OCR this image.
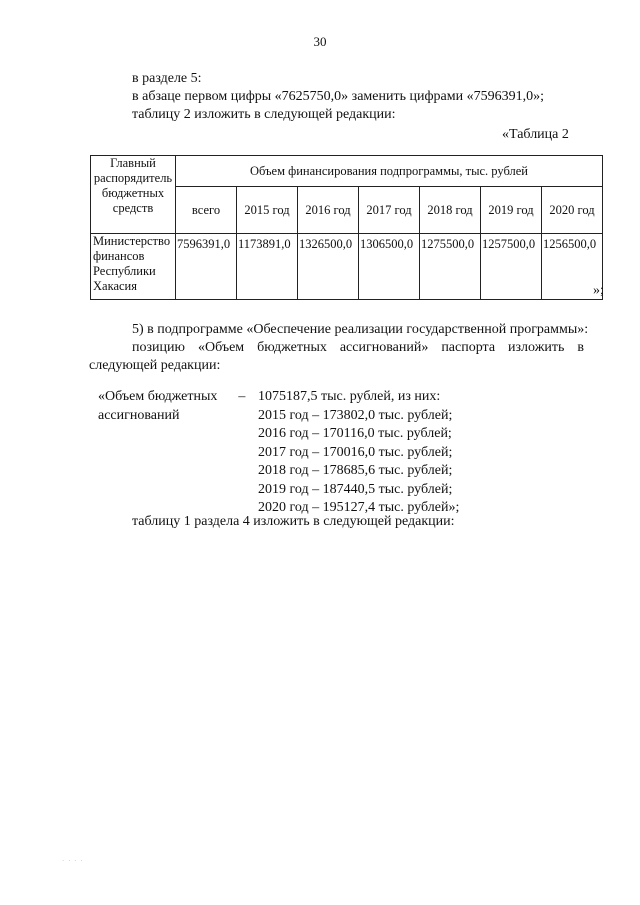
30
в разделе 5:
в абзаце первом цифры «7625750,0» заменить цифрами «7596391,0»;
таблицу 2 изложить в следующей редакции:
«Таблица 2
Главный распорядитель бюджетных средств	Объем финансирования подпрограммы, тыс. рублей						
	всего	2015 год	2016 год	2017 год	2018 год	2019 год	2020 год
Министерство финансов Республики Хакасия	7596391,0	1173891,0	1326500,0	1306500,0	1275500,0	1257500,0	1256500,0
»;
5) в подпрограмме «Обеспечение реализации государственной программы»:
позицию «Объем бюджетных ассигнований» паспорта изложить в
следующей редакции:
«Объем бюджетных –
ассигнований
1075187,5 тыс. рублей, из них:
2015 год – 173802,0 тыс. рублей;
2016 год – 170116,0 тыс. рублей;
2017 год – 170016,0 тыс. рублей;
2018 год – 178685,6 тыс. рублей;
2019 год – 187440,5 тыс. рублей;
2020 год – 195127,4 тыс. рублей»;
таблицу 1 раздела 4 изложить в следующей редакции:
· · · ·
